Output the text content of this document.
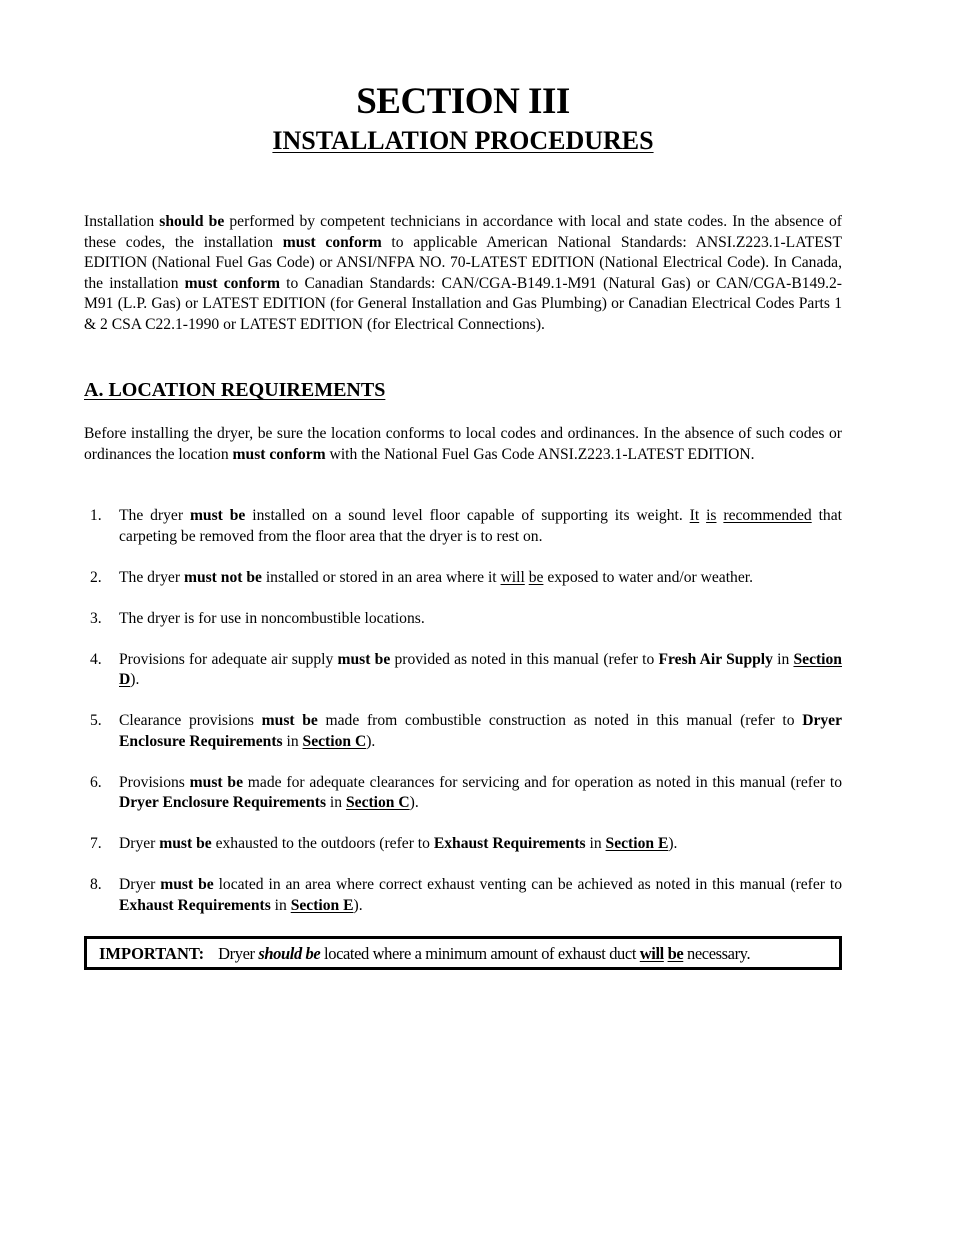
SECTION III
INSTALLATION PROCEDURES

Installation should be performed by competent technicians in accordance with local and state codes. In the absence of these codes, the installation must conform to applicable American National Standards: ANSI.Z223.1-LATEST EDITION (National Fuel Gas Code) or ANSI/NFPA NO. 70-LATEST EDITION (National Electrical Code). In Canada, the installation must conform to Canadian Standards: CAN/CGA-B149.1-M91 (Natural Gas) or CAN/CGA-B149.2-M91 (L.P. Gas) or LATEST EDITION (for General Installation and Gas Plumbing) or Canadian Electrical Codes Parts 1 & 2 CSA C22.1-1990 or LATEST EDITION (for Electrical Connections).

A. LOCATION REQUIREMENTS

Before installing the dryer, be sure the location conforms to local codes and ordinances. In the absence of such codes or ordinances the location must conform with the National Fuel Gas Code ANSI.Z223.1-LATEST EDITION.

1.	The dryer must be installed on a sound level floor capable of supporting its weight. It is recommended that carpeting be removed from the floor area that the dryer is to rest on.
2.	The dryer must not be installed or stored in an area where it will be exposed to water and/or weather.
3.	The dryer is for use in noncombustible locations.
4.	Provisions for adequate air supply must be provided as noted in this manual (refer to Fresh Air Supply in Section D).
5.	Clearance provisions must be made from combustible construction as noted in this manual (refer to Dryer Enclosure Requirements in Section C).
6.	Provisions must be made for adequate clearances for servicing and for operation as noted in this manual (refer to Dryer Enclosure Requirements in Section C).
7.	Dryer must be exhausted to the outdoors (refer to Exhaust Requirements in Section E).
8.	Dryer must be located in an area where correct exhaust venting can be achieved as noted in this manual (refer to Exhaust Requirements in Section E).
IMPORTANT: Dryer should be located where a minimum amount of exhaust duct will be necessary.
